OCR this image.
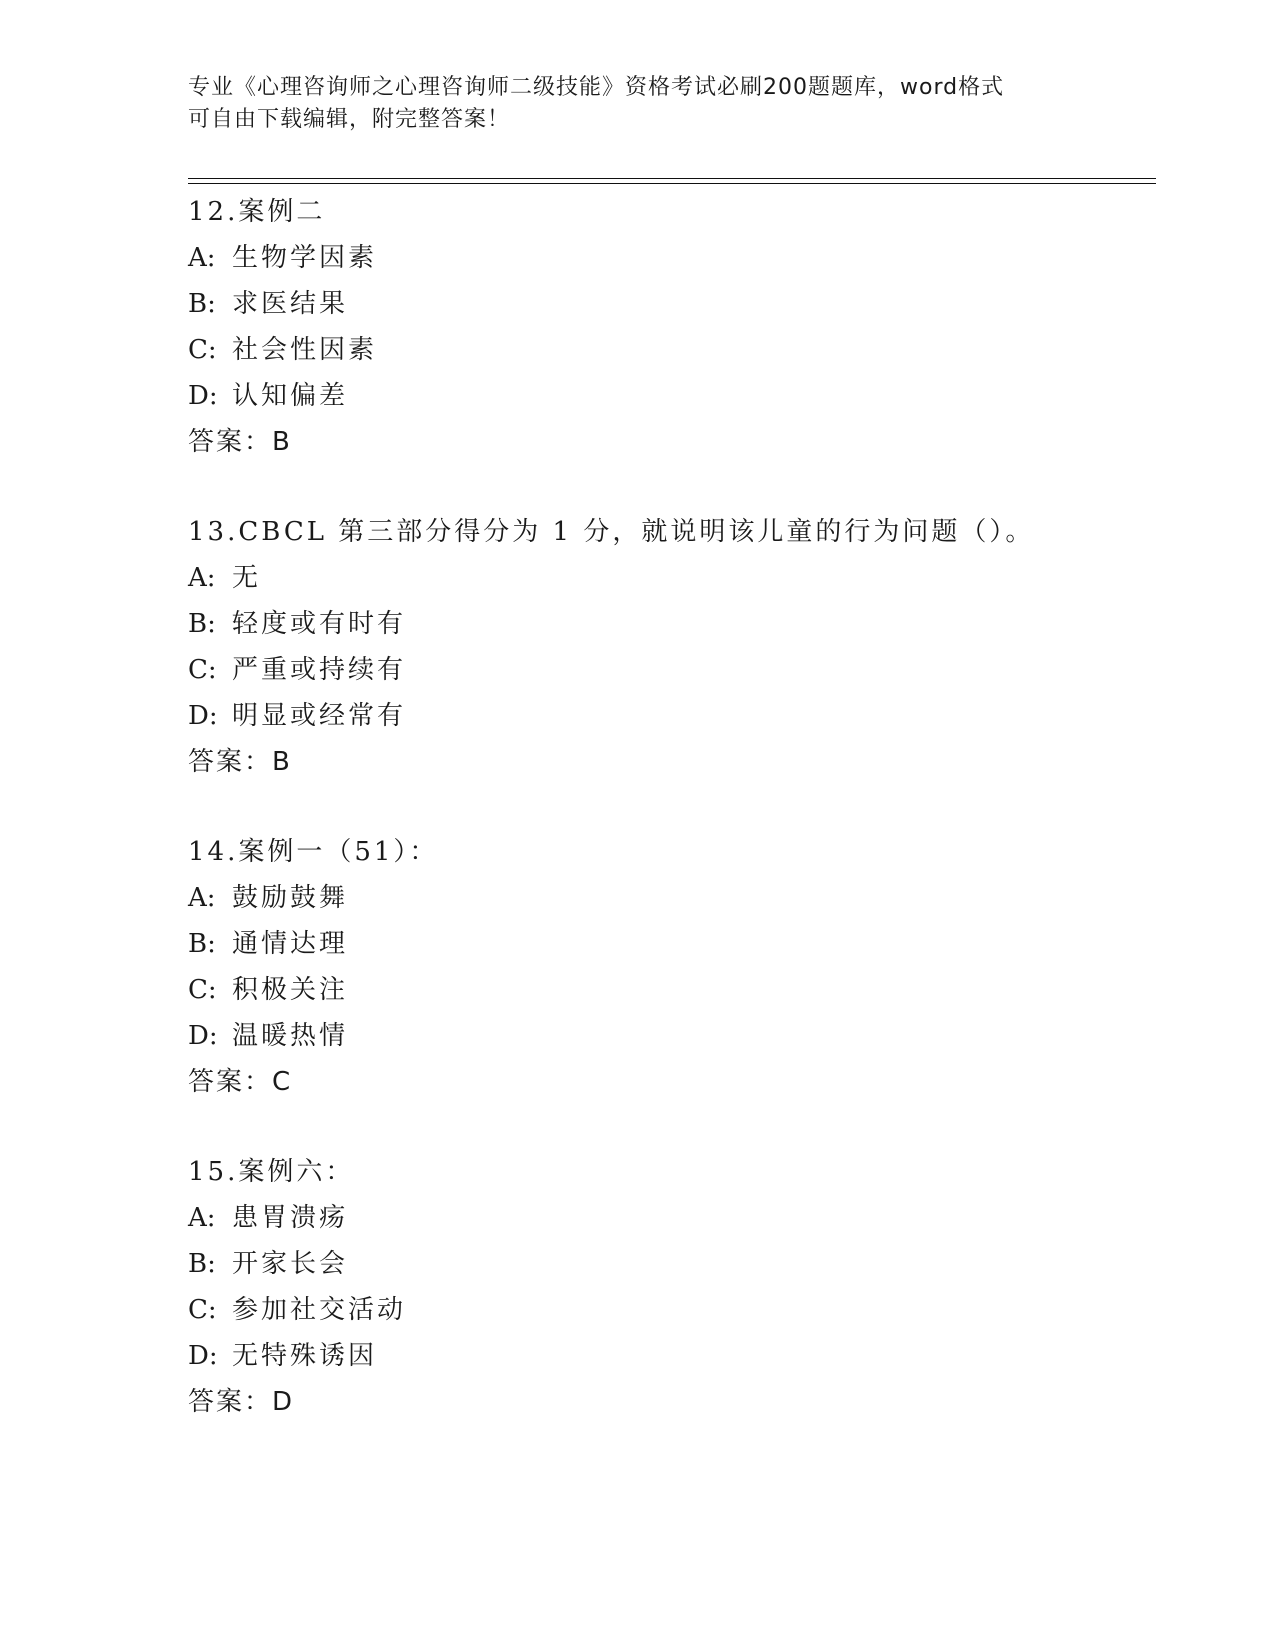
专业《心理咨询师之心理咨询师二级技能》资格考试必刷200题题库，word格式
可自由下载编辑，附完整答案！
12.案例二
A: 生物学因素
B: 求医结果
C: 社会性因素
D: 认知偏差
答案：B
13.CBCL 第三部分得分为 1 分，就说明该儿童的行为问题（）。
A: 无
B: 轻度或有时有
C: 严重或持续有
D: 明显或经常有
答案：B
14.案例一（51）：
A: 鼓励鼓舞
B: 通情达理
C: 积极关注
D: 温暖热情
答案：C
15.案例六：
A: 患胃溃疡
B: 开家长会
C: 参加社交活动
D: 无特殊诱因
答案：D
